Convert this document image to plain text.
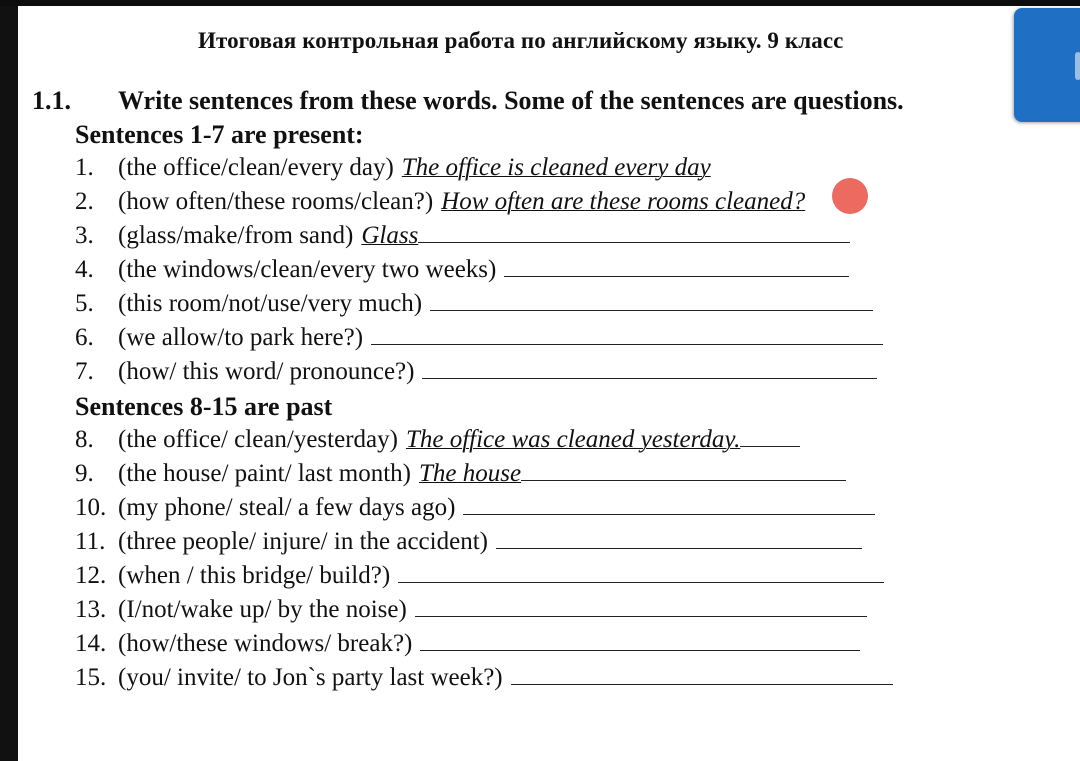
Итоговая контрольная работа по английскому языку. 9 класс
1.1. Write sentences from these words. Some of the sentences are questions.
Sentences 1-7 are present:
1. (the office/clean/every day) The office is cleaned every day
2. (how often/these rooms/clean?) How often are these rooms cleaned?
3. (glass/make/from sand) Glass
4. (the windows/clean/every two weeks)
5. (this room/not/use/very much)
6. (we allow/to park here?)
7. (how/ this word/ pronounce?)
Sentences 8-15 are past
8. (the office/ clean/yesterday) The office was cleaned yesterday.
9. (the house/ paint/ last month) The house
10. (my phone/ steal/ a few days ago)
11. (three people/ injure/ in the accident)
12. (when / this bridge/ build?)
13. (I/not/wake up/ by the noise)
14. (how/these windows/ break?)
15. (you/ invite/ to Jon`s party last week?)
